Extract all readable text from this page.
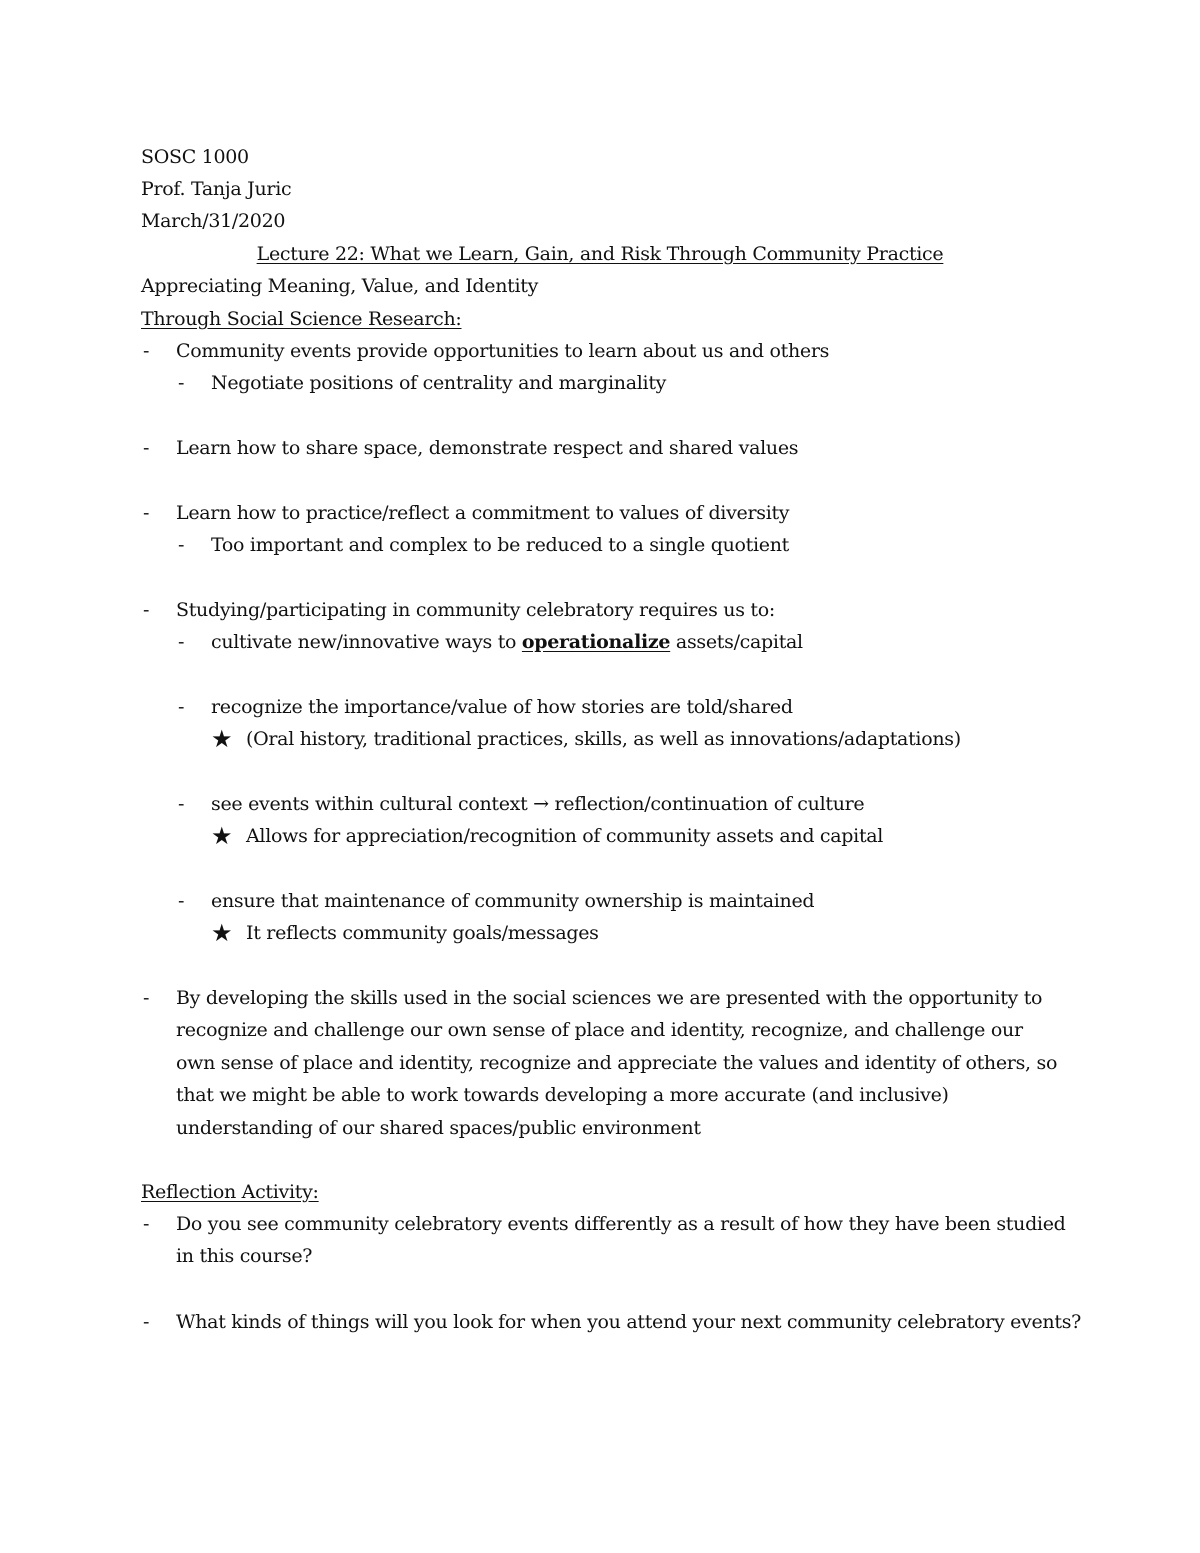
SOSC 1000
Prof. Tanja Juric
March/31/2020
Lecture 22: What we Learn, Gain, and Risk Through Community Practice
Appreciating Meaning, Value, and Identity
Through Social Science Research:
- Community events provide opportunities to learn about us and others
- Negotiate positions of centrality and marginality
- Learn how to share space, demonstrate respect and shared values
- Learn how to practice/reflect a commitment to values of diversity
- Too important and complex to be reduced to a single quotient
- Studying/participating in community celebratory requires us to:
- cultivate new/innovative ways to operationalize assets/capital
- recognize the importance/value of how stories are told/shared
★ (Oral history, traditional practices, skills, as well as innovations/adaptations)
- see events within cultural context → reflection/continuation of culture
★ Allows for appreciation/recognition of community assets and capital
- ensure that maintenance of community ownership is maintained
★ It reflects community goals/messages
- By developing the skills used in the social sciences we are presented with the opportunity to recognize and challenge our own sense of place and identity, recognize, and challenge our own sense of place and identity, recognize and appreciate the values and identity of others, so that we might be able to work towards developing a more accurate (and inclusive) understanding of our shared spaces/public environment
Reflection Activity:
- Do you see community celebratory events differently as a result of how they have been studied in this course?
- What kinds of things will you look for when you attend your next community celebratory events?
